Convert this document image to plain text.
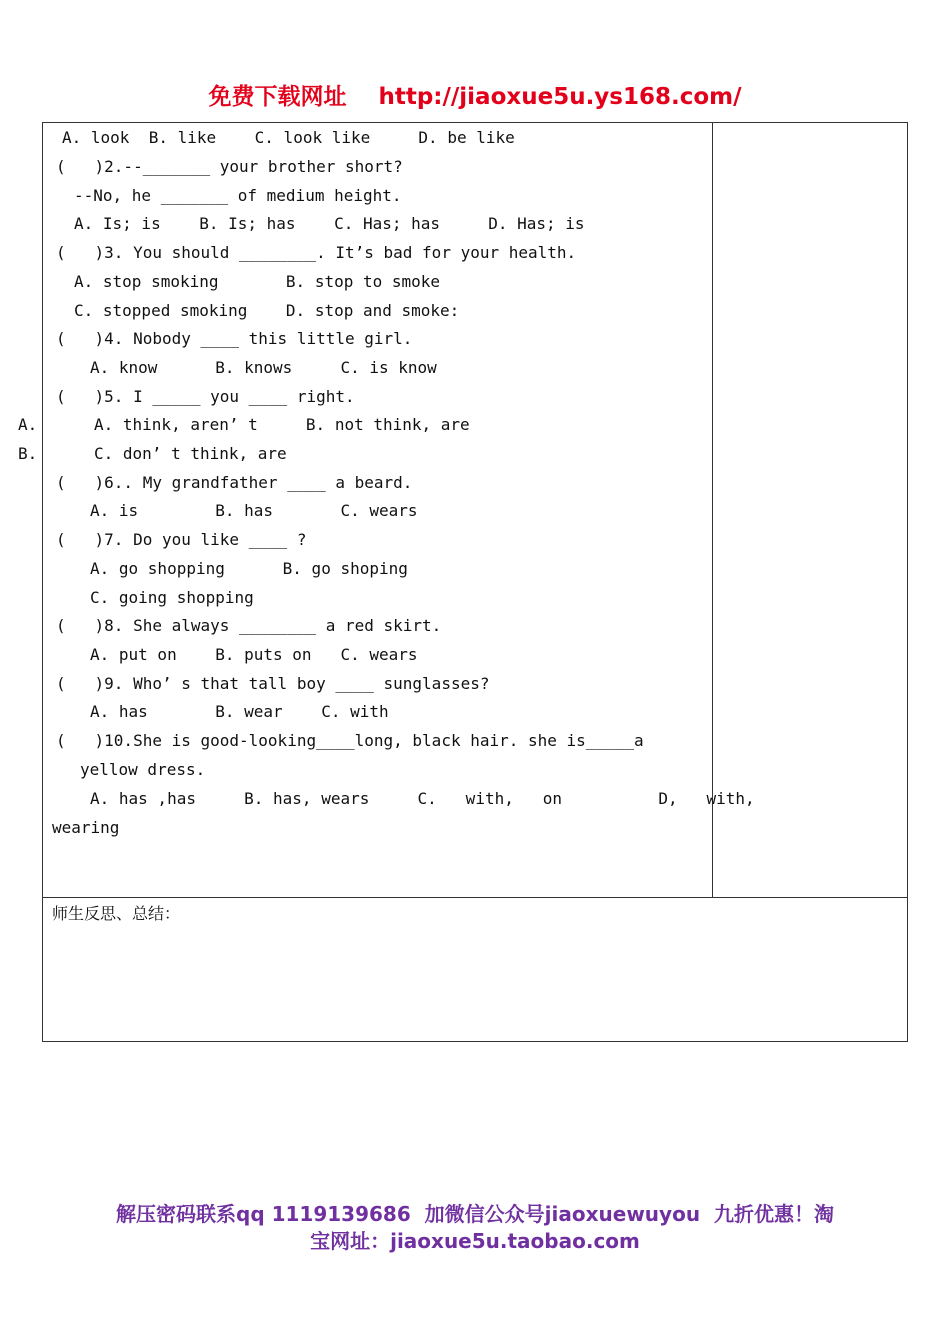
免费下载网址    http://jiaoxue5u.ys168.com/
A. look  B. like    C. look like     D. be like
(   )2.--_______ your brother short?
--No, he _______ of medium height.
A. Is; is    B. Is; has    C. Has; has     D. Has; is
(   )3. You should ________. It’s bad for your health.
A. stop smoking       B. stop to smoke
C. stopped smoking    D. stop and smoke:
(   )4. Nobody ____ this little girl.
A. know      B. knows     C. is know
(   )5. I _____ you ____ right.
A. think, aren’ t     B. not think, are
C. don’ t think, are
(   )6.. My grandfather ____ a beard.
A. is        B. has       C. wears
(   )7. Do you like ____ ?
A. go shopping      B. go shoping
C. going shopping
(   )8. She always ________ a red skirt.
A. put on    B. puts on   C. wears
(   )9. Who’ s that tall boy ____ sunglasses?
A. has       B. wear    C. with
(   )10.She is good-looking____long, black hair. she is_____a
yellow dress.
A. has ,has     B. has, wears     C.   with,   on          D,   with,
wearing
A.
B.
师生反思、总结：
解压密码联系qq 1119139686  加微信公众号jiaoxuewuyou  九折优惠！淘
宝网址：jiaoxue5u.taobao.com
